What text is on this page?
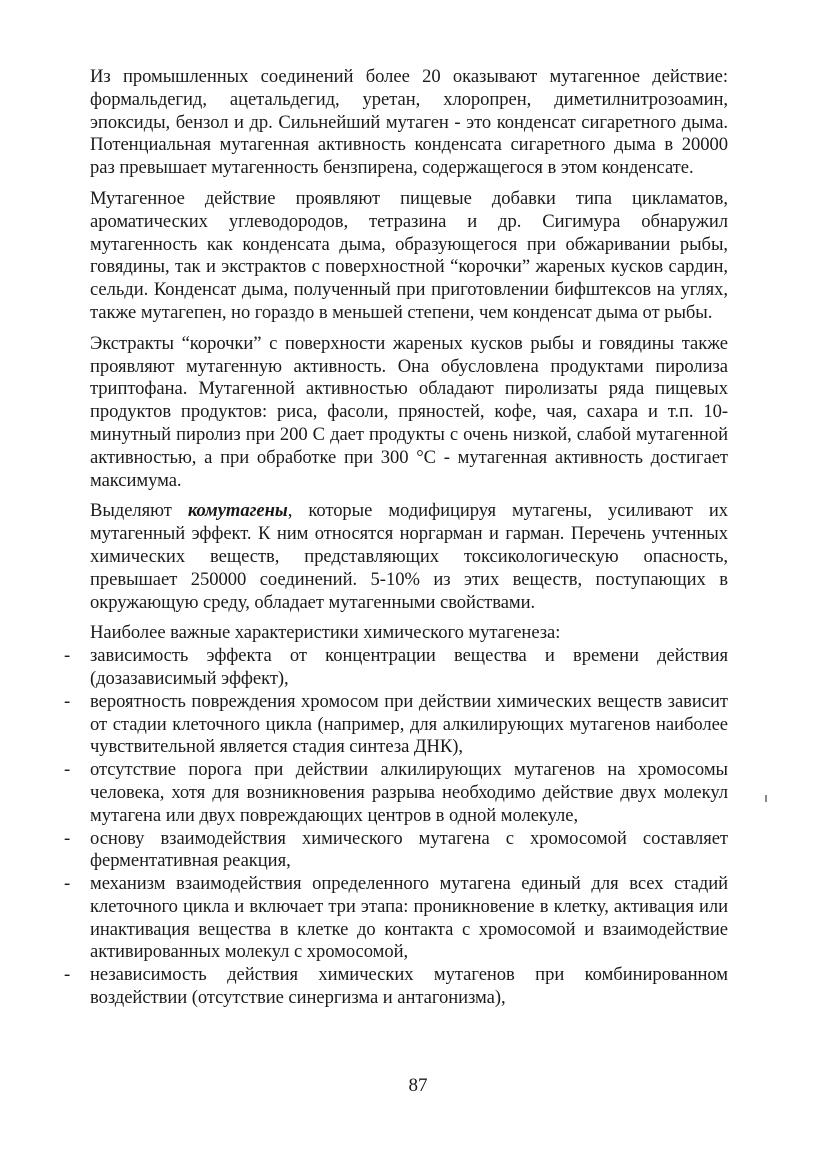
Из промышленных соединений более 20 оказывают мутагенное действие: формальдегид, ацетальдегид, уретан, хлоропрен, диметилнитрозоамин, эпоксиды, бензол и др. Сильнейший мутаген - это конденсат сигаретного дыма. Потенциальная мутагенная активность конденсата сигаретного дыма в 20000 раз превышает мутагенность бензпирена, содержащегося в этом конденсате.

Мутагенное действие проявляют пищевые добавки типа цикламатов, ароматических углеводородов, тетразина и др. Сигимура обнаружил мутагенность как конденсата дыма, образующегося при обжаривании рыбы, говядины, так и экстрактов с поверхностной “корочки” жареных кусков сардин, сельди. Конденсат дыма, полученный при приготовлении бифштексов на углях, также мутагепен, но гораздо в меньшей степени, чем конденсат дыма от рыбы.

Экстракты “корочки” с поверхности жареных кусков рыбы и говядины также проявляют мутагенную активность. Она обусловлена продуктами пиролиза триптофана. Мутагенной активностью обладают пиролизаты ряда пищевых продуктов продуктов: риса, фасоли, пряностей, кофе, чая, сахара и т.п. 10-минутный пиролиз при 200 С дает продукты с очень низкой, слабой мутагенной активностью, а при обработке при 300 °С - мутагенная активность достигает максимума.

Выделяют комутагены, которые модифицируя мутагены, усиливают их мутагенный эффект. К ним относятся норгарман и гарман. Перечень учтенных химических веществ, представляющих токсикологическую опасность, превышает 250000 соединений. 5-10% из этих веществ, поступающих в окружающую среду, обладает мутагенными свойствами.

Наиболее важные характеристики химического мутагенеза:

- зависимость эффекта от концентрации вещества и времени действия (дозазависимый эффект),
- вероятность повреждения хромосом при действии химических веществ зависит от стадии клеточного цикла (например, для алкилирующих мутагенов наиболее чувствительной является стадия синтеза ДНК),
- отсутствие порога при действии алкилирующих мутагенов на хромосомы человека, хотя для возникновения разрыва необходимо действие двух молекул мутагена или двух повреждающих центров в одной молекуле,
- основу взаимодействия химического мутагена с хромосомой составляет ферментативная реакция,
- механизм взаимодействия определенного мутагена единый для всех стадий клеточного цикла и включает три этапа: проникновение в клетку, активация или инактивация вещества в клетке до контакта с хромосомой и взаимодействие активированных молекул с хромосомой,
- независимость действия химических мутагенов при комбинированном воздействии (отсутствие синергизма и антагонизма),
87
